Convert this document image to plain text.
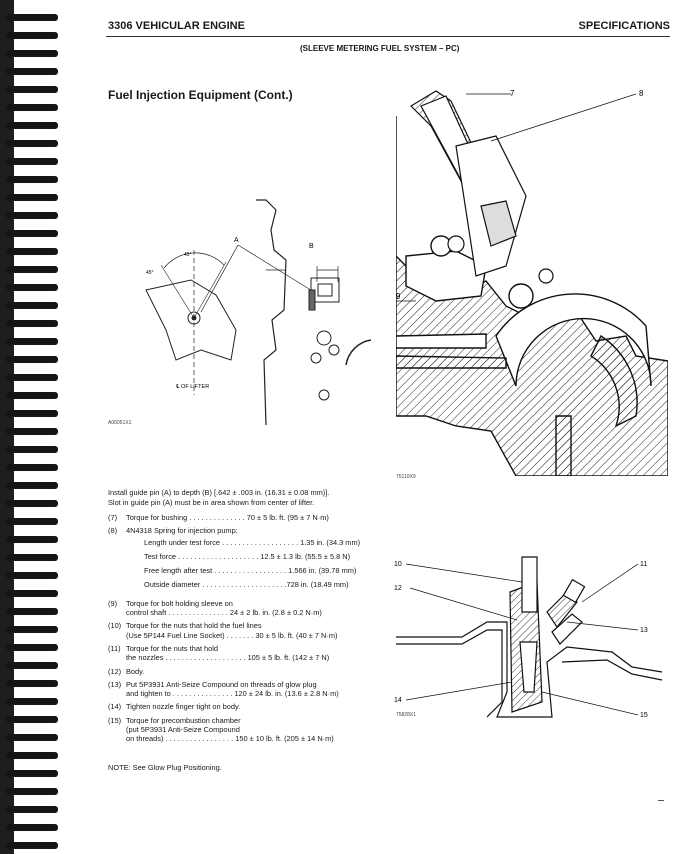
3306 VEHICULAR ENGINE	SPECIFICATIONS
(SLEEVE METERING FUEL SYSTEM – PC)
Fuel Injection Equipment (Cont.)
A
B
45°
45°
℄ OF LIFTER
A06051X1
7	8
9
75110X9
10	11
12
13
14
15
75828X1
Install guide pin (A) to depth (B) [.642 ± .003 in. (16.31 ± 0.08 mm)].
Slot in guide pin (A) must be in area shown from center of lifter.
(7)	Torque for bushing . . . . . . . . . . . . . . 70 ± 5 lb. ft. (95 ± 7 N·m)
(8)	4N4318 Spring for injection pump:
Length under test force . . . . . . . . . . . . . . . . . . . 1.35 in. (34.3 mm)
Test force . . . . . . . . . . . . . . . . . . . . 12.5 ± 1.3 lb. (55.5 ± 5.8 N)
Free length after test . . . . . . . . . . . . . . . . . . 1.566 in. (39.78 mm)
Outside diameter . . . . . . . . . . . . . . . . . . . . .728 in. (18.49 mm)
(9)	Torque for bolt holding sleeve on
control shaft . . . . . . . . . . . . . . . 24 ± 2 lb. in. (2.8 ± 0.2 N·m)
(10) Torque for the nuts that hold the fuel lines
(Use 5P144 Fuel Line Socket) . . . . . . . 30 ± 5 lb. ft. (40 ± 7 N·m)
(11) Torque for the nuts that hold
the nozzles . . . . . . . . . . . . . . . . . . . . 105 ± 5 lb. ft. (142 ± 7 N)
(12) Body.
(13) Put 5P3931 Anti-Seize Compound on threads of glow plug
and tighten to . . . . . . . . . . . . . . . 120 ± 24 lb. in. (13.6 ± 2.8 N·m)
(14) Tighten nozzle finger tight on body.
(15) Torque for precombustion chamber
(put 5P3931 Anti-Seize Compound
on threads) . . . . . . . . . . . . . . . . . 150 ± 10 lb. ft. (205 ± 14 N·m)
NOTE: See Glow Plug Positioning.
